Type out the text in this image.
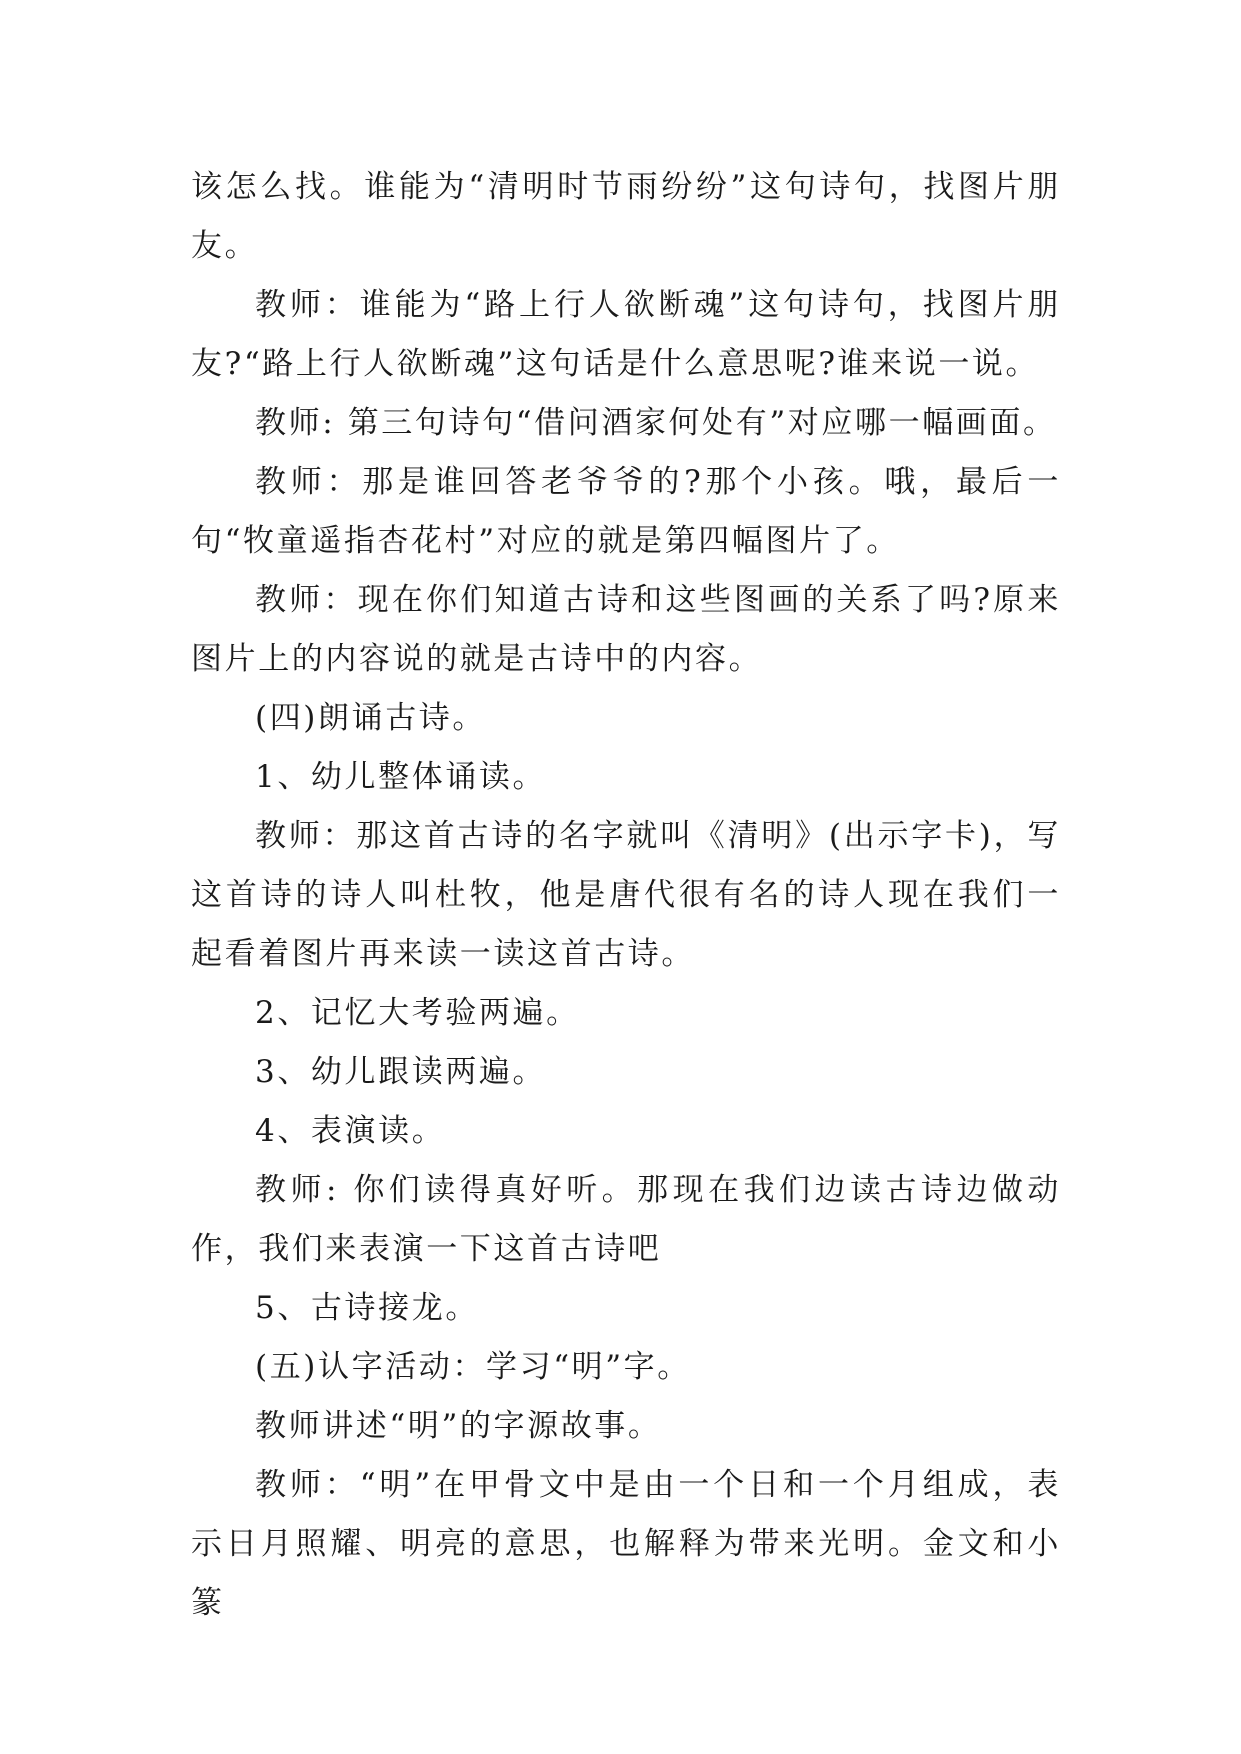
该怎么找。谁能为“清明时节雨纷纷”这句诗句，找图片朋友。

教师：谁能为“路上行人欲断魂”这句诗句，找图片朋友?“路上行人欲断魂”这句话是什么意思呢?谁来说一说。

教师: 第三句诗句“借问酒家何处有”对应哪一幅画面。

教师：那是谁回答老爷爷的?那个小孩。哦，最后一句“牧童遥指杏花村”对应的就是第四幅图片了。

教师：现在你们知道古诗和这些图画的关系了吗?原来图片上的内容说的就是古诗中的内容。

(四)朗诵古诗。

1、幼儿整体诵读。

教师：那这首古诗的名字就叫《清明》(出示字卡)，写这首诗的诗人叫杜牧，他是唐代很有名的诗人现在我们一起看着图片再来读一读这首古诗。

2、记忆大考验两遍。

3、幼儿跟读两遍。

4、表演读。

教师: 你们读得真好听。那现在我们边读古诗边做动作，我们来表演一下这首古诗吧

5、古诗接龙。

(五)认字活动：学习“明”字。

教师讲述“明”的字源故事。

教师：“明”在甲骨文中是由一个日和一个月组成，表示日月照耀、明亮的意思，也解释为带来光明。金文和小篆
